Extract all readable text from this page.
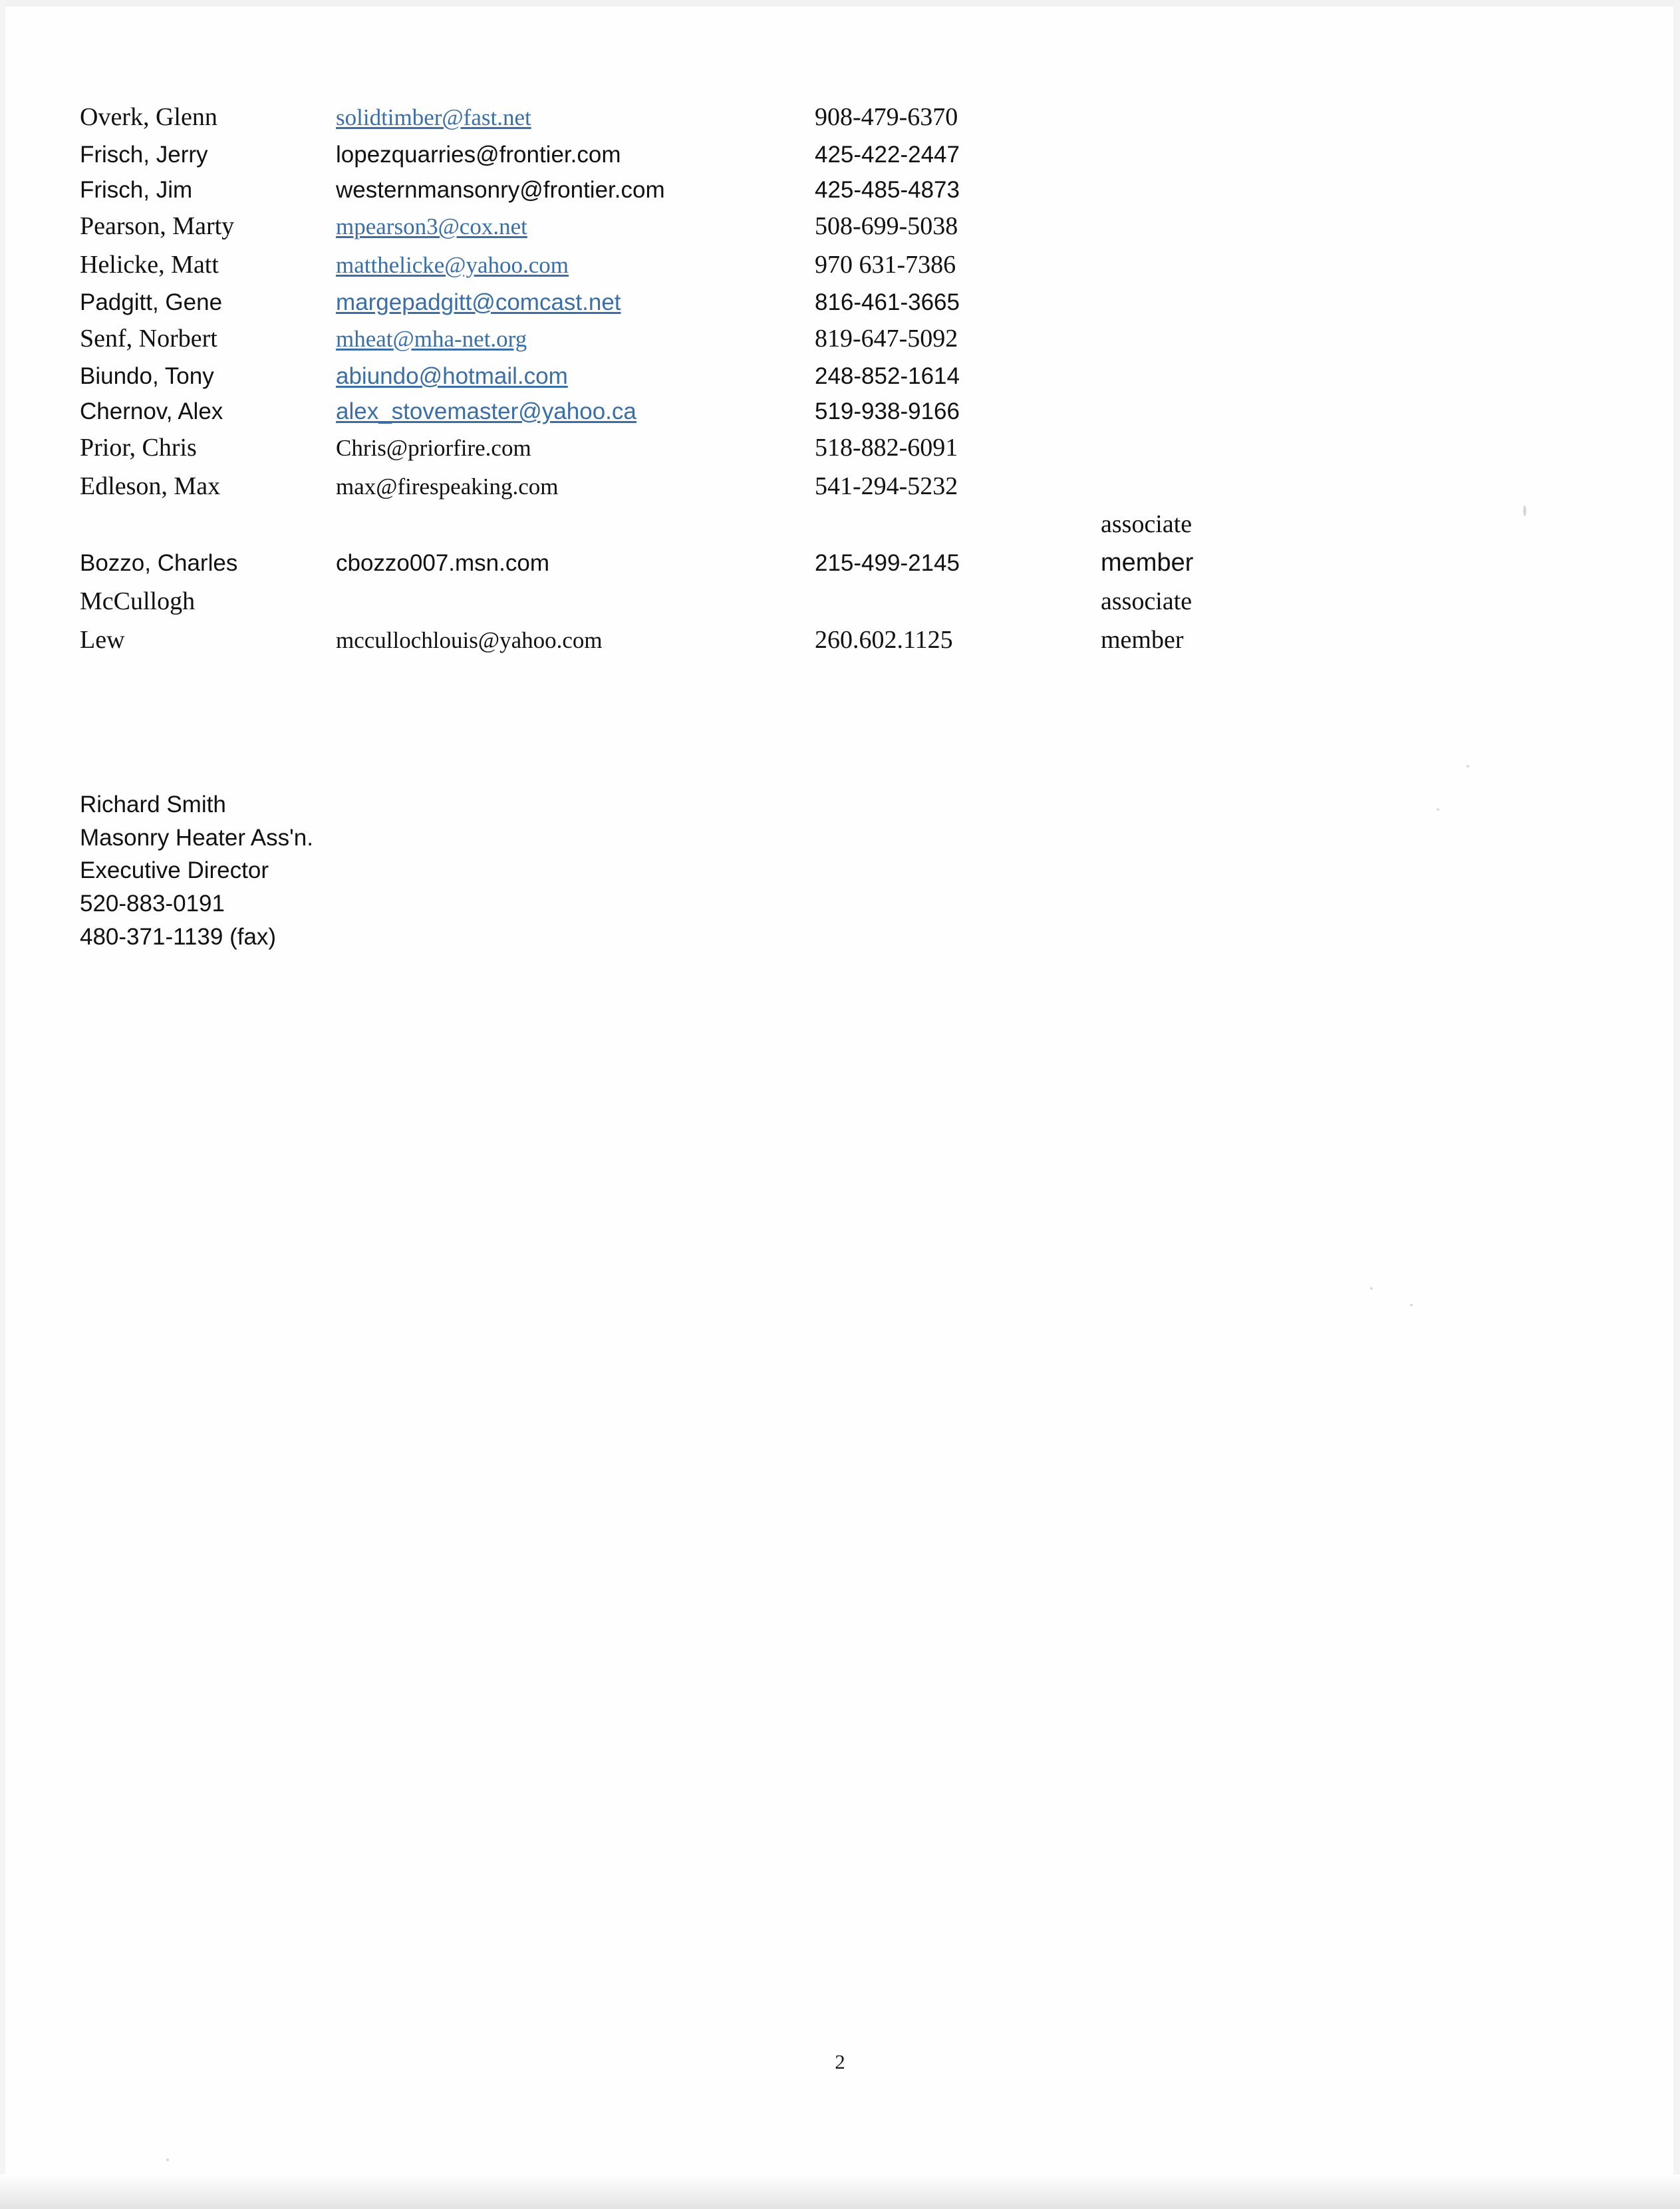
Overk, Glenn	solidtimber@fast.net	908-479-6370	
Frisch, Jerry	lopezquarries@frontier.com	425-422-2447	
Frisch, Jim	westernmansonry@frontier.com	425-485-4873	
Pearson, Marty	mpearson3@cox.net	508-699-5038	
Helicke, Matt	matthelicke@yahoo.com	970 631-7386	
Padgitt, Gene	margepadgitt@comcast.net	816-461-3665	
Senf, Norbert	mheat@mha-net.org	819-647-5092	
Biundo, Tony	abiundo@hotmail.com	248-852-1614	
Chernov, Alex	alex_stovemaster@yahoo.ca	519-938-9166	
Prior, Chris	Chris@priorfire.com	518-882-6091	
Edleson, Max	max@firespeaking.com	541-294-5232	
			associate
Bozzo, Charles	cbozzo007.msn.com	215-499-2145	member
McCullogh			associate
Lew	mccullochlouis@yahoo.com	260.602.1125	member
Richard Smith
Masonry Heater Ass'n.
Executive Director
520-883-0191
480-371-1139 (fax)
2
